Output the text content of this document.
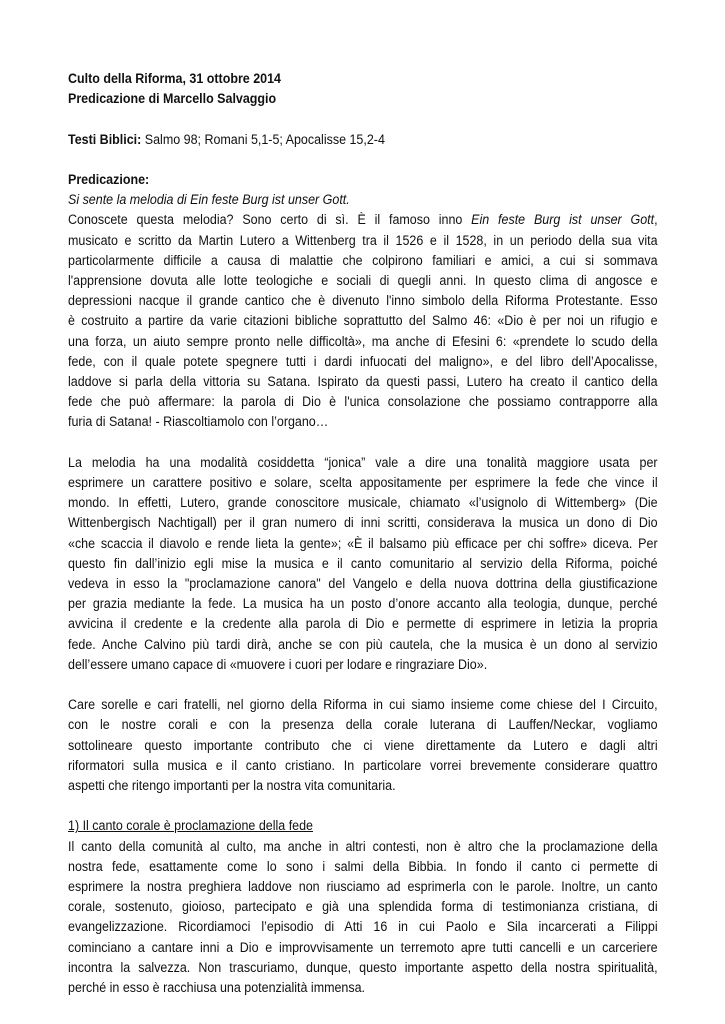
Culto della Riforma, 31 ottobre 2014
Predicazione di Marcello Salvaggio
Testi Biblici: Salmo 98; Romani 5,1-5; Apocalisse 15,2-4
Predicazione:
Si sente la melodia di Ein feste Burg ist unser Gott.
Conoscete questa melodia? Sono certo di sì. È il famoso inno Ein feste Burg ist unser Gott,
musicato e scritto da Martin Lutero a Wittenberg tra il 1526 e il 1528, in un periodo della sua vita
particolarmente difficile a causa di malattie che colpirono familiari e amici, a cui si sommava
l'apprensione dovuta alle lotte teologiche e sociali di quegli anni. In questo clima di angosce e
depressioni nacque il grande cantico che è divenuto l'inno simbolo della Riforma Protestante. Esso
è costruito a partire da varie citazioni bibliche soprattutto del Salmo 46: «Dio è per noi un rifugio e
una forza, un aiuto sempre pronto nelle difficoltà», ma anche di Efesini 6: «prendete lo scudo della
fede, con il quale potete spegnere tutti i dardi infuocati del maligno», e del libro dell’Apocalisse,
laddove si parla della vittoria su Satana. Ispirato da questi passi, Lutero ha creato il cantico della
fede che può affermare: la parola di Dio è l'unica consolazione che possiamo contrapporre alla
furia di Satana! - Riascoltiamolo con l’organo…
La melodia ha una modalità cosiddetta “jonica” vale a dire una tonalità maggiore usata per
esprimere un carattere positivo e solare, scelta appositamente per esprimere la fede che vince il
mondo. In effetti, Lutero, grande conoscitore musicale, chiamato «l’usignolo di Wittemberg» (Die
Wittenbergisch Nachtigall) per il gran numero di inni scritti, considerava la musica un dono di Dio
«che scaccia il diavolo e rende lieta la gente»; «È il balsamo più efficace per chi soffre» diceva. Per
questo fin dall’inizio egli mise la musica e il canto comunitario al servizio della Riforma, poiché
vedeva in esso la "proclamazione canora" del Vangelo e della nuova dottrina della giustificazione
per grazia mediante la fede. La musica ha un posto d’onore accanto alla teologia, dunque, perché
avvicina il credente e la credente alla parola di Dio e permette di esprimere in letizia la propria
fede. Anche Calvino più tardi dirà, anche se con più cautela, che la musica è un dono al servizio
dell’essere umano capace di «muovere i cuori per lodare e ringraziare Dio».
Care sorelle e cari fratelli, nel giorno della Riforma in cui siamo insieme come chiese del I Circuito,
con le nostre corali e con la presenza della corale luterana di Lauffen/Neckar, vogliamo
sottolineare questo importante contributo che ci viene direttamente da Lutero e dagli altri
riformatori sulla musica e il canto cristiano. In particolare vorrei brevemente considerare quattro
aspetti che ritengo importanti per la nostra vita comunitaria.
1) Il canto corale è proclamazione della fede
Il canto della comunità al culto, ma anche in altri contesti, non è altro che la proclamazione della
nostra fede, esattamente come lo sono i salmi della Bibbia. In fondo il canto ci permette di
esprimere la nostra preghiera laddove non riusciamo ad esprimerla con le parole. Inoltre, un canto
corale, sostenuto, gioioso, partecipato e già una splendida forma di testimonianza cristiana, di
evangelizzazione. Ricordiamoci l’episodio di Atti 16 in cui Paolo e Sila incarcerati a Filippi
cominciano a cantare inni a Dio e improvvisamente un terremoto apre tutti cancelli e un carceriere
incontra la salvezza. Non trascuriamo, dunque, questo importante aspetto della nostra spiritualità,
perché in esso è racchiusa una potenzialità immensa.
